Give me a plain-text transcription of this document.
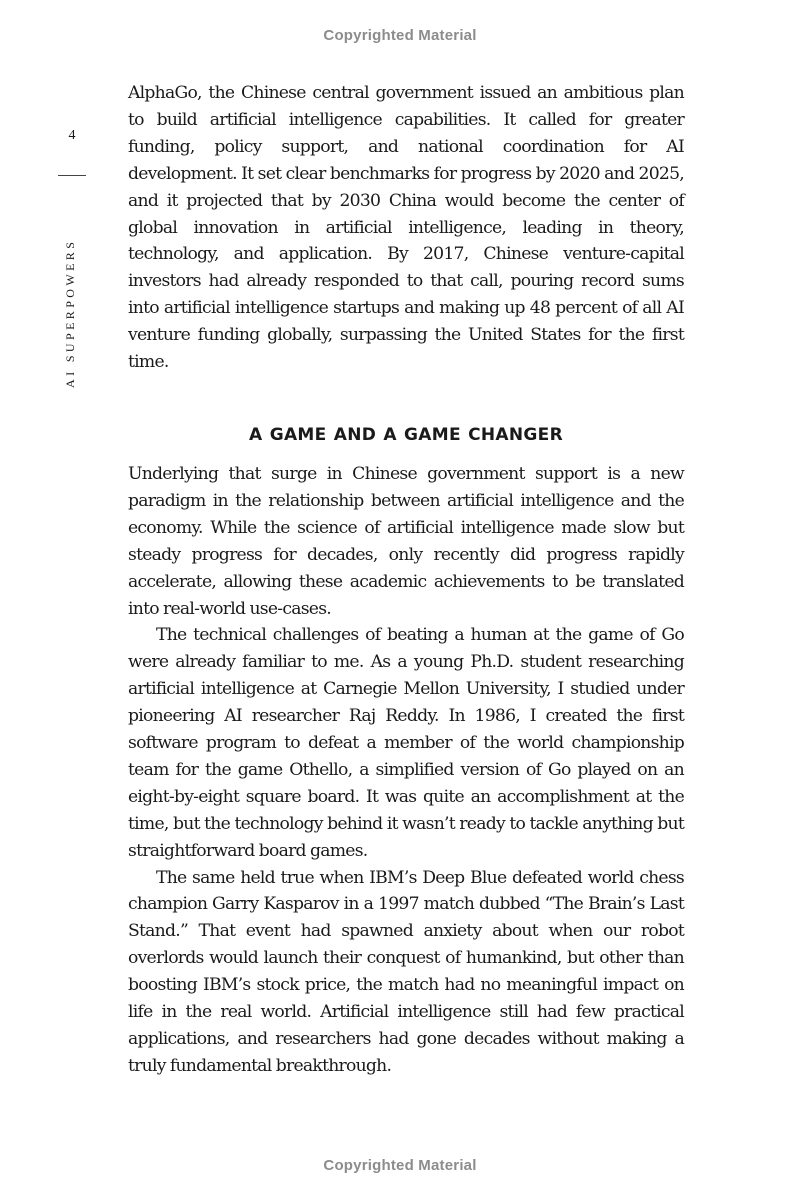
Copyrighted Material
4
AI SUPERPOWERS

AlphaGo, the Chinese central government issued an ambitious plan to build artificial intelligence capabilities. It called for greater funding, policy support, and national coordination for AI development. It set clear benchmarks for progress by 2020 and 2025, and it projected that by 2030 China would become the center of global innovation in artificial intelligence, leading in theory, technology, and application. By 2017, Chinese venture-capital investors had already responded to that call, pouring record sums into artificial intelligence startups and making up 48 percent of all AI venture funding globally, surpassing the United States for the first time.

A GAME AND A GAME CHANGER

Underlying that surge in Chinese government support is a new paradigm in the relationship between artificial intelligence and the economy. While the science of artificial intelligence made slow but steady progress for decades, only recently did progress rapidly accelerate, allowing these academic achievements to be translated into real-world use-cases.

The technical challenges of beating a human at the game of Go were already familiar to me. As a young Ph.D. student researching artificial intelligence at Carnegie Mellon University, I studied under pioneering AI researcher Raj Reddy. In 1986, I created the first software program to defeat a member of the world championship team for the game Othello, a simplified version of Go played on an eight-by-eight square board. It was quite an accomplishment at the time, but the technology behind it wasn’t ready to tackle anything but straightforward board games.

The same held true when IBM’s Deep Blue defeated world chess champion Garry Kasparov in a 1997 match dubbed “The Brain’s Last Stand.” That event had spawned anxiety about when our robot overlords would launch their conquest of humankind, but other than boosting IBM’s stock price, the match had no meaningful impact on life in the real world. Artificial intelligence still had few practical applications, and researchers had gone decades without making a truly fundamental breakthrough.

Copyrighted Material
